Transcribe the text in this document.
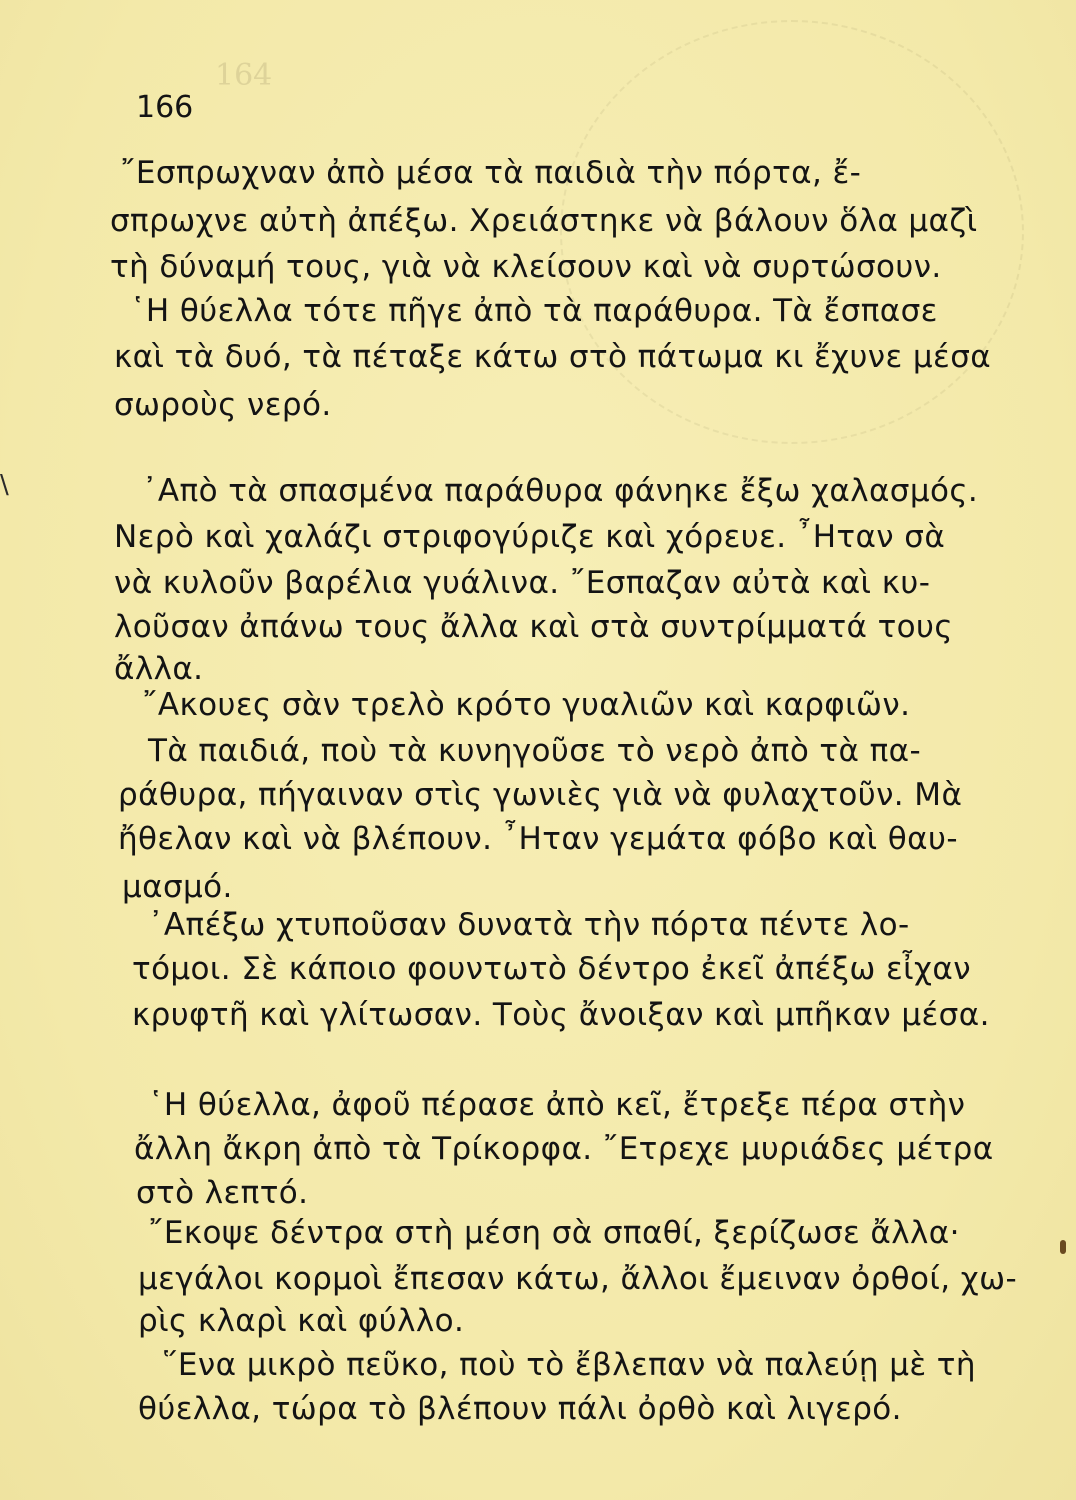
164
\
166
῎Εσπρωχναν ἀπὸ μέσα τὰ παιδιὰ τὴν πόρτα, ἔ-
σπρωχνε αὐτὴ ἀπέξω. Χρειάστηκε νὰ βάλουν ὅλα μαζὶ
τὴ δύναμή τους, γιὰ νὰ κλείσουν καὶ νὰ συρτώσουν.
῾Η θύελλα τότε πῆγε ἀπὸ τὰ παράθυρα. Τὰ ἔσπασε
καὶ τὰ δυό, τὰ πέταξε κάτω στὸ πάτωμα κι ἔχυνε μέσα
σωροὺς νερό.
᾿Απὸ τὰ σπασμένα παράθυρα φάνηκε ἔξω χαλασμός.
Νερὸ καὶ χαλάζι στριφογύριζε καὶ χόρευε. ῏Ηταν σὰ
νὰ κυλοῦν βαρέλια γυάλινα. ῎Εσπαζαν αὐτὰ καὶ κυ-
λοῦσαν ἀπάνω τους ἄλλα καὶ στὰ συντρίμματά τους
ἄλλα.
῎Ακουες σὰν τρελὸ κρότο γυαλιῶν καὶ καρφιῶν.
Τὰ παιδιά, ποὺ τὰ κυνηγοῦσε τὸ νερὸ ἀπὸ τὰ πα-
ράθυρα, πήγαιναν στὶς γωνιὲς γιὰ νὰ φυλαχτοῦν. Μὰ
ἤθελαν καὶ νὰ βλέπουν. ῏Ηταν γεμάτα φόβο καὶ θαυ-
μασμό.
᾿Απέξω χτυποῦσαν δυνατὰ τὴν πόρτα πέντε λο-
τόμοι. Σὲ κάποιο φουντωτὸ δέντρο ἐκεῖ ἀπέξω εἶχαν
κρυφτῆ καὶ γλίτωσαν. Τοὺς ἄνοιξαν καὶ μπῆκαν μέσα.
῾Η θύελλα, ἀφοῦ πέρασε ἀπὸ κεῖ, ἔτρεξε πέρα στὴν
ἄλλη ἄκρη ἀπὸ τὰ Τρίκορφα. ῎Ετρεχε μυριάδες μέτρα
στὸ λεπτό.
῎Εκοψε δέντρα στὴ μέση σὰ σπαθί, ξερίζωσε ἄλλα·
μεγάλοι κορμοὶ ἔπεσαν κάτω, ἄλλοι ἔμειναν ὀρθοί, χω-
ρὶς κλαρὶ καὶ φύλλο.
῞Ενα μικρὸ πεῦκο, ποὺ τὸ ἔβλεπαν νὰ παλεύῃ μὲ τὴ
θύελλα, τώρα τὸ βλέπουν πάλι ὀρθὸ καὶ λιγερό.
